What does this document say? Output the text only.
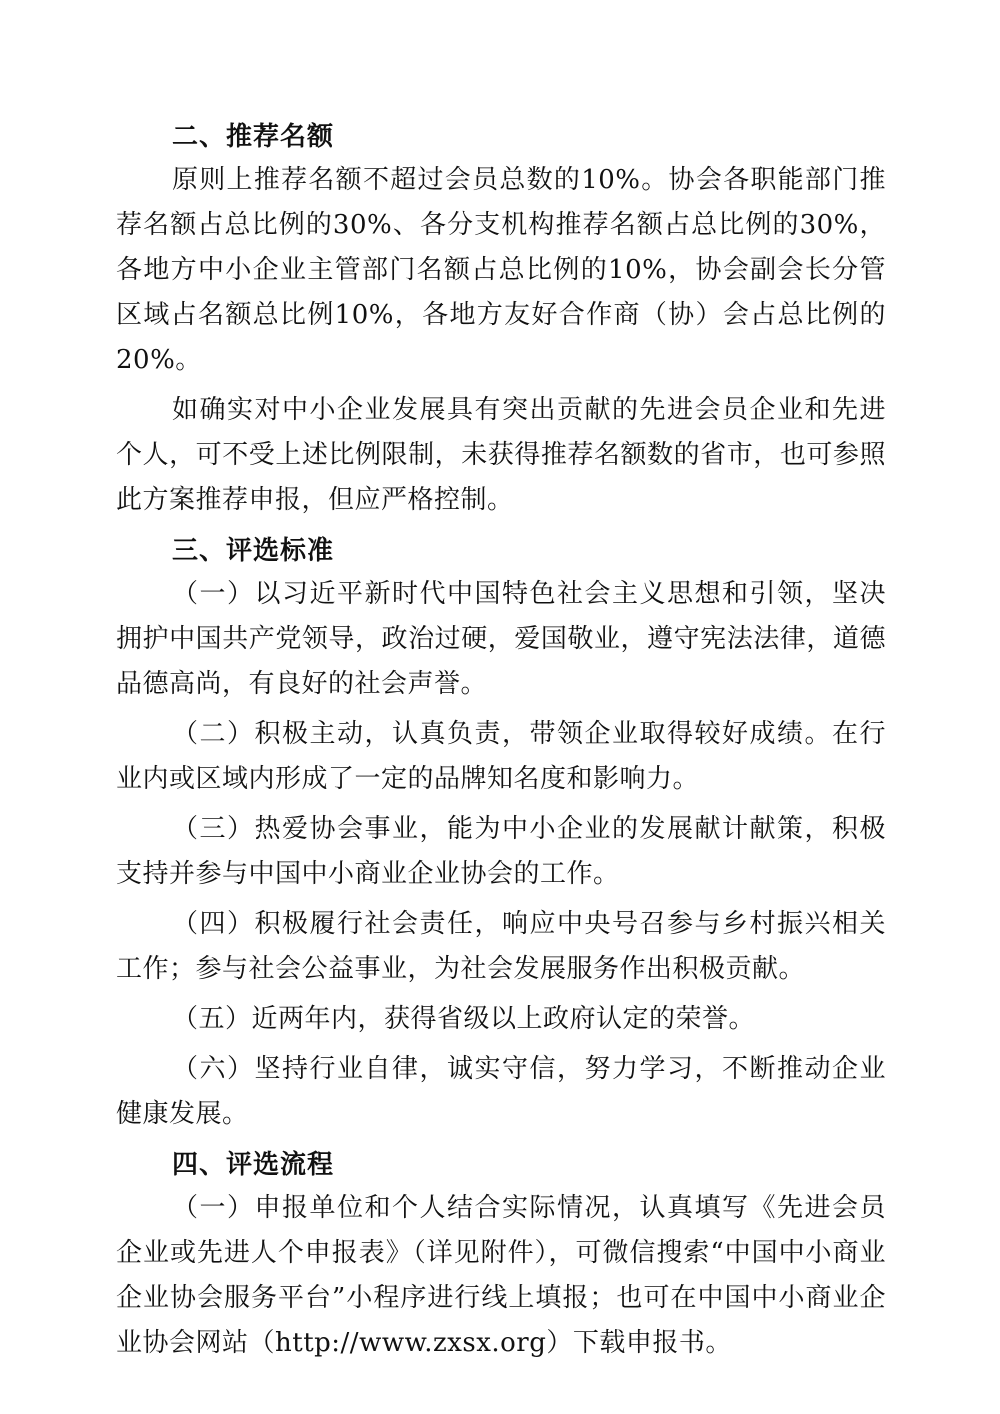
二、推荐名额

原则上推荐名额不超过会员总数的10%。协会各职能部门推荐名额占总比例的30%、各分支机构推荐名额占总比例的30%，各地方中小企业主管部门名额占总比例的10%，协会副会长分管区域占名额总比例10%，各地方友好合作商（协）会占总比例的20%。

如确实对中小企业发展具有突出贡献的先进会员企业和先进个人，可不受上述比例限制，未获得推荐名额数的省市，也可参照此方案推荐申报，但应严格控制。

三、评选标准

（一）以习近平新时代中国特色社会主义思想和引领，坚决拥护中国共产党领导，政治过硬，爱国敬业，遵守宪法法律，道德品德高尚，有良好的社会声誉。

（二）积极主动，认真负责，带领企业取得较好成绩。在行业内或区域内形成了一定的品牌知名度和影响力。

（三）热爱协会事业，能为中小企业的发展献计献策，积极支持并参与中国中小商业企业协会的工作。

（四）积极履行社会责任，响应中央号召参与乡村振兴相关工作；参与社会公益事业，为社会发展服务作出积极贡献。

（五）近两年内，获得省级以上政府认定的荣誉。

（六）坚持行业自律，诚实守信，努力学习，不断推动企业健康发展。

四、评选流程

（一）申报单位和个人结合实际情况，认真填写《先进会员企业或先进人个申报表》（详见附件），可微信搜索“中国中小商业企业协会服务平台”小程序进行线上填报；也可在中国中小商业企业协会网站（http://www.zxsx.org）下载申报书。
